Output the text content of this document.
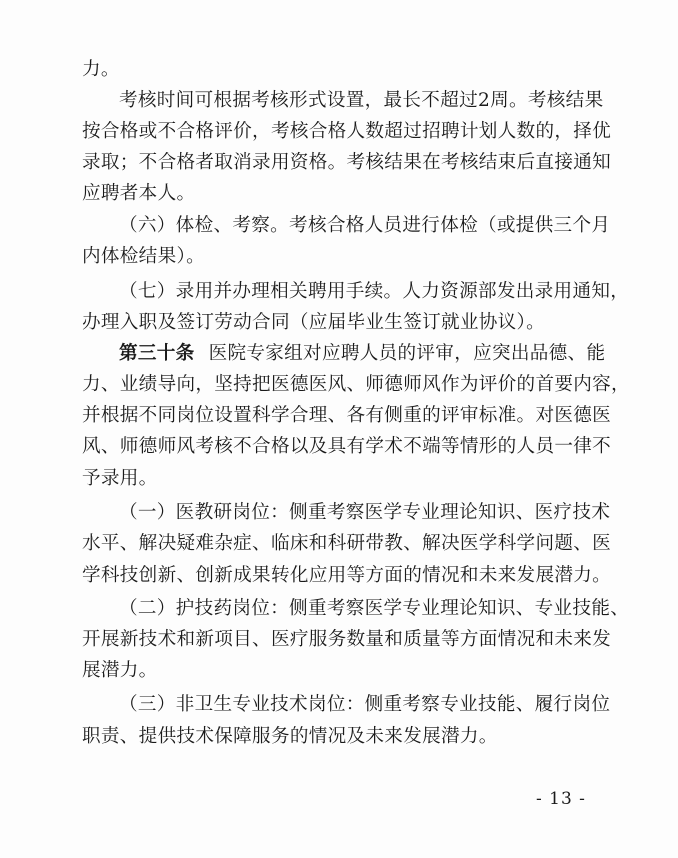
力。
考核时间可根据考核形式设置，最长不超过2周。考核结果
按合格或不合格评价，考核合格人数超过招聘计划人数的，择优
录取；不合格者取消录用资格。考核结果在考核结束后直接通知
应聘者本人。
（六）体检、考察。考核合格人员进行体检（或提供三个月
内体检结果）。
（七）录用并办理相关聘用手续。人力资源部发出录用通知，
办理入职及签订劳动合同（应届毕业生签订就业协议）。
第三十条 医院专家组对应聘人员的评审，应突出品德、能
力、业绩导向，坚持把医德医风、师德师风作为评价的首要内容，
并根据不同岗位设置科学合理、各有侧重的评审标准。对医德医
风、师德师风考核不合格以及具有学术不端等情形的人员一律不
予录用。
（一）医教研岗位：侧重考察医学专业理论知识、医疗技术
水平、解决疑难杂症、临床和科研带教、解决医学科学问题、医
学科技创新、创新成果转化应用等方面的情况和未来发展潜力。
（二）护技药岗位：侧重考察医学专业理论知识、专业技能、
开展新技术和新项目、医疗服务数量和质量等方面情况和未来发
展潜力。
（三）非卫生专业技术岗位：侧重考察专业技能、履行岗位
职责、提供技术保障服务的情况及未来发展潜力。
- 13 -
